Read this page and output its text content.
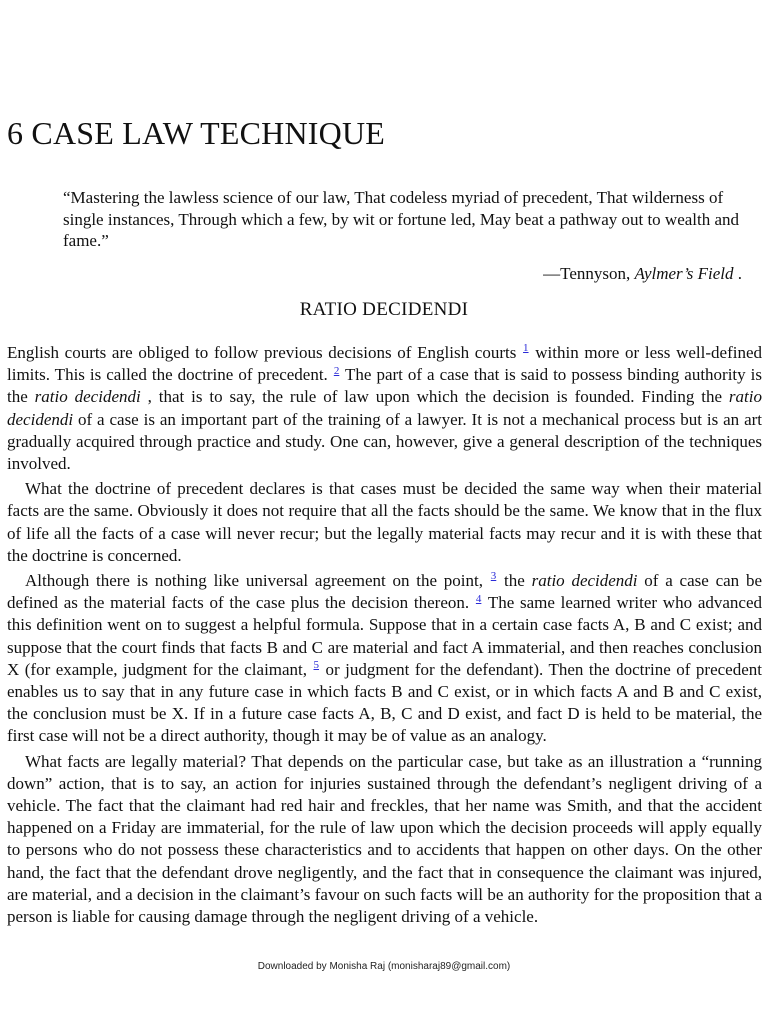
6 CASE LAW TECHNIQUE

“Mastering the lawless science of our law, That codeless myriad of precedent, That wilderness of single instances, Through which a few, by wit or fortune led, May beat a pathway out to wealth and fame.”

—Tennyson, Aylmer’s Field .

RATIO DECIDENDI

English courts are obliged to follow previous decisions of English courts $^1$ within more or less well-defined limits. This is called the doctrine of precedent. $^2$ The part of a case that is said to possess binding authority is the ratio decidendi , that is to say, the rule of law upon which the decision is founded. Finding the ratio decidendi of a case is an important part of the training of a lawyer. It is not a mechanical process but is an art gradually acquired through practice and study. One can, however, give a general description of the techniques involved.

What the doctrine of precedent declares is that cases must be decided the same way when their material facts are the same. Obviously it does not require that all the facts should be the same. We know that in the flux of life all the facts of a case will never recur; but the legally material facts may recur and it is with these that the doctrine is concerned.

Although there is nothing like universal agreement on the point, $^3$ the ratio decidendi of a case can be defined as the material facts of the case plus the decision thereon. $^4$ The same learned writer who advanced this definition went on to suggest a helpful formula. Suppose that in a certain case facts A, B and C exist; and suppose that the court finds that facts B and C are material and fact A immaterial, and then reaches conclusion X (for example, judgment for the claimant, $^5$ or judgment for the defendant). Then the doctrine of precedent enables us to say that in any future case in which facts B and C exist, or in which facts A and B and C exist, the conclusion must be X. If in a future case facts A, B, C and D exist, and fact D is held to be material, the first case will not be a direct authority, though it may be of value as an analogy.

What facts are legally material? That depends on the particular case, but take as an illustration a “running down” action, that is to say, an action for injuries sustained through the defendant’s negligent driving of a vehicle. The fact that the claimant had red hair and freckles, that her name was Smith, and that the accident happened on a Friday are immaterial, for the rule of law upon which the decision proceeds will apply equally to persons who do not possess these characteristics and to accidents that happen on other days. On the other hand, the fact that the defendant drove negligently, and the fact that in consequence the claimant was injured, are material, and a decision in the claimant’s favour on such facts will be an authority for the proposition that a person is liable for causing damage through the negligent driving of a vehicle.

Downloaded by Monisha Raj (monisharaj89@gmail.com)
